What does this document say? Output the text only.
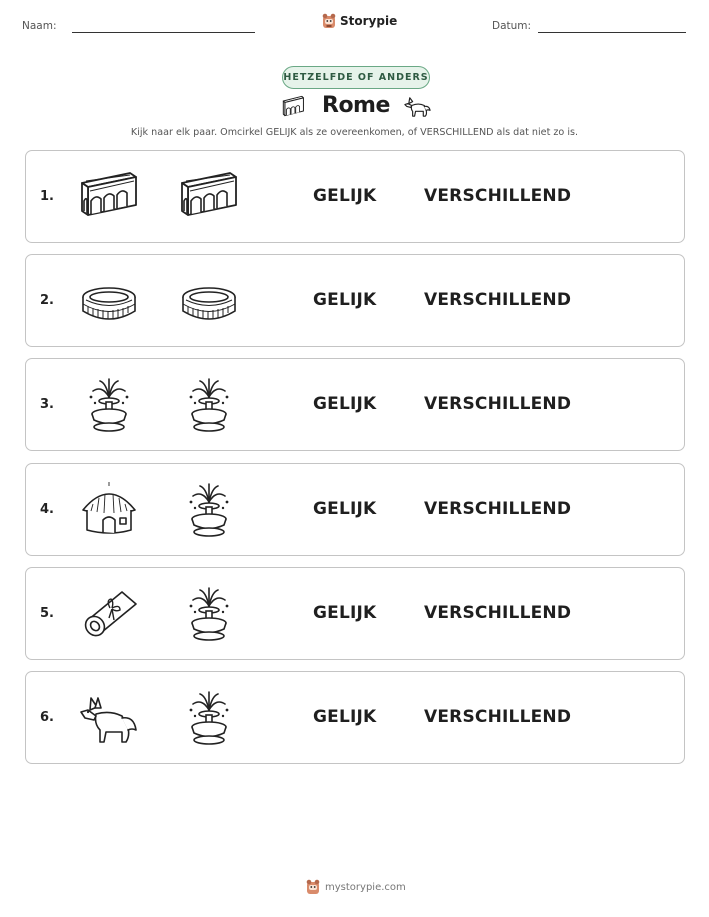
Naam:	Storypie	Datum:
HETZELFDE OF ANDERS
Rome
Kijk naar elk paar. Omcirkel GELIJK als ze overeenkomen, of VERSCHILLEND als dat niet zo is.
1.	GELIJK	VERSCHILLEND
2.	GELIJK	VERSCHILLEND
3.	GELIJK	VERSCHILLEND
4.	GELIJK	VERSCHILLEND
5.	GELIJK	VERSCHILLEND
6.	GELIJK	VERSCHILLEND
mystorypie.com
